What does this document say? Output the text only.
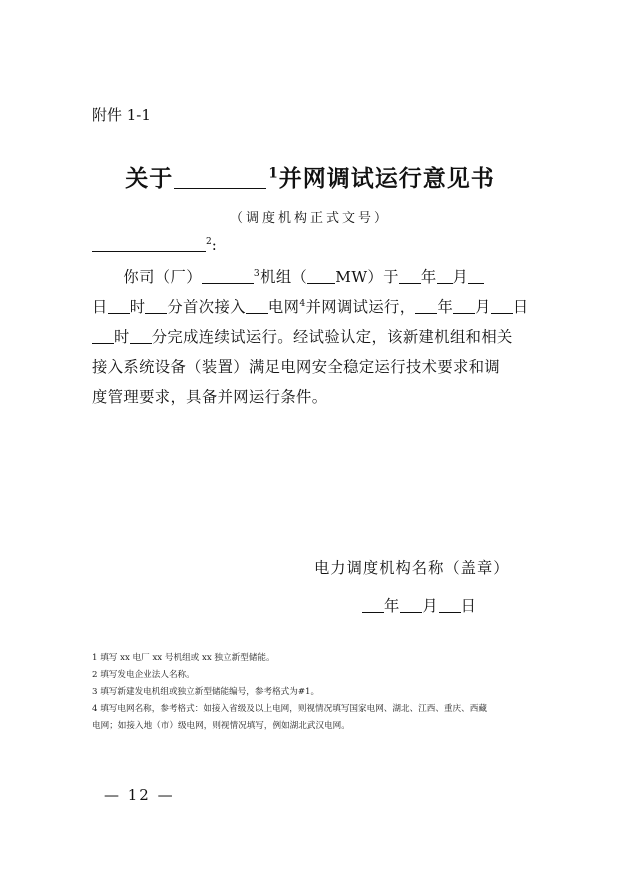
附件 1-1
关于	$^1$并网调试运行意见书
（调度机构正式文号）
$^2$:

  你司（厂）	$^3$机组（ MW）于 年 月

日 时 分首次接入 电网$^4$并网调试运行， 年 月 日

时 分完成连续试运行。经试验认定，该新建机组和相关

接入系统设备（装置）满足电网安全稳定运行技术要求和调

度管理要求，具备并网运行条件。

电力调度机构名称（盖章）
年 月 日
1 填写 xx 电厂 xx 号机组或 xx 独立新型储能。
2 填写发电企业法人名称。
3 填写新建发电机组或独立新型储能编号，参考格式为#1。
4 填写电网名称，参考格式：如接入省级及以上电网，则视情况填写国家电网、湖北、江西、重庆、西藏
电网；如接入地（市）级电网，则视情况填写，例如湖北武汉电网。
— 12 —
